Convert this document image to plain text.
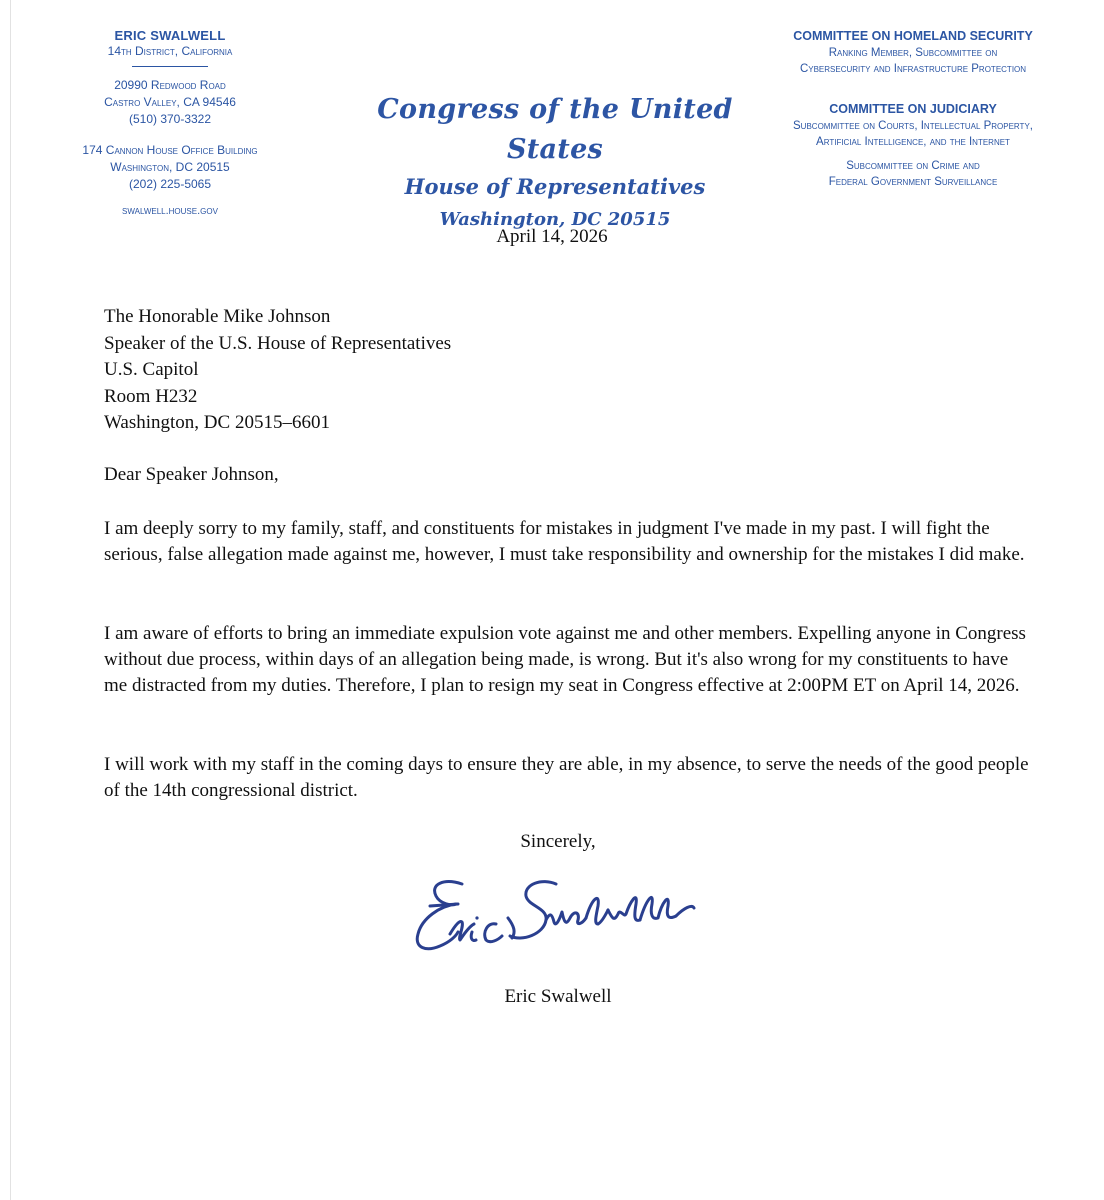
ERIC SWALWELL
14th District, California
20990 Redwood Road
Castro Valley, CA 94546
(510) 370-3322
174 Cannon House Office Building
Washington, DC 20515
(202) 225-5065
swalwell.house.gov
Congress of the United States
House of Representatives
Washington, DC 20515
COMMITTEE ON HOMELAND SECURITY
Ranking Member, Subcommittee on
Cybersecurity and Infrastructure Protection
COMMITTEE ON JUDICIARY
Subcommittee on Courts, Intellectual Property,
Artificial Intelligence, and the Internet
Subcommittee on Crime and
Federal Government Surveillance
April 14, 2026
The Honorable Mike Johnson
Speaker of the U.S. House of Representatives
U.S. Capitol
Room H232
Washington, DC 20515–6601
Dear Speaker Johnson,

I am deeply sorry to my family, staff, and constituents for mistakes in judgment I've made in my past. I will fight the serious, false allegation made against me, however, I must take responsibility and ownership for the mistakes I did make.

I am aware of efforts to bring an immediate expulsion vote against me and other members. Expelling anyone in Congress without due process, within days of an allegation being made, is wrong. But it's also wrong for my constituents to have me distracted from my duties. Therefore, I plan to resign my seat in Congress effective at 2:00PM ET on April 14, 2026.

I will work with my staff in the coming days to ensure they are able, in my absence, to serve the needs of the good people of the 14th congressional district.

Sincerely,
Eric Swalwell
